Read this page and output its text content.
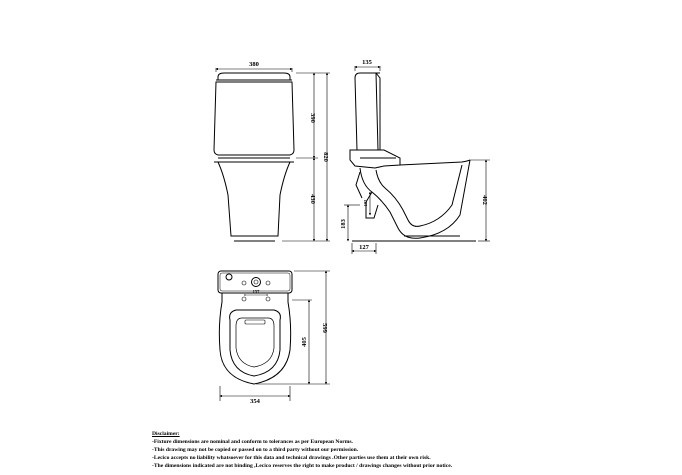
380
390
430
820
135
402
183
102
127
157
354
405
599
Disclaimer:
-Fixture dimensions are nominal and conform to tolerances as per European Norms.
-This drawing may not be copied or passed on to a third party without our permission.
-Lecico accepts no liability whatsoever for this data and technical drawings .Other parties use them at their own risk.
-The dimensions indicated are not binding ,Lecico reserves the right to make product / drawings changes without prior notice.
